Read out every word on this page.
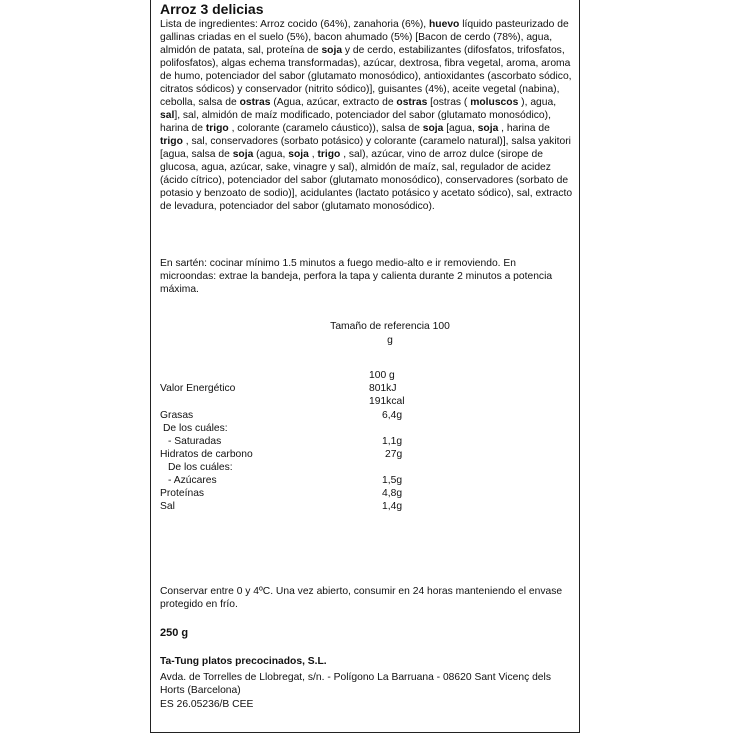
Arroz 3 delicias

Lista de ingredientes: Arroz cocido (64%), zanahoria (6%), huevo líquido pasteurizado de gallinas criadas en el suelo (5%), bacon ahumado (5%) [Bacon de cerdo (78%), agua, almidón de patata, sal, proteína de soja y de cerdo, estabilizantes (difosfatos, trifosfatos, polifosfatos), algas echema transformadas), azúcar, dextrosa, fibra vegetal, aroma, aroma de humo, potenciador del sabor (glutamato monosódico), antioxidantes (ascorbato sódico, citratos sódicos) y conservador (nitrito sódico)], guisantes (4%), aceite vegetal (nabina), cebolla, salsa de ostras (Agua, azúcar, extracto de ostras [ostras ( moluscos ), agua, sal], sal, almidón de maíz modificado, potenciador del sabor (glutamato monosódico), harina de trigo , colorante (caramelo cáustico)), salsa de soja [agua, soja , harina de trigo , sal, conservadores (sorbato potásico) y colorante (caramelo natural)], salsa yakitori [agua, salsa de soja (agua, soja , trigo , sal), azúcar, vino de arroz dulce (sirope de glucosa, agua, azúcar, sake, vinagre y sal), almidón de maíz, sal, regulador de acidez (ácido cítrico), potenciador del sabor (glutamato monosódico), conservadores (sorbato de potasio y benzoato de sodio)], acidulantes (lactato potásico y acetato sódico), sal, extracto de levadura, potenciador del sabor (glutamato monosódico).

En sartén: cocinar mínimo 1.5 minutos a fuego medio-alto e ir removiendo. En microondas: extrae la bandeja, perfora la tapa y calienta durante 2 minutos a potencia máxima.

Tamaño de referencia 100
g
100 g
Valor Energético	801kJ
191kcal
Grasas	6,4g
De los cuáles:
- Saturadas	1,1g
Hidratos de carbono	27g
De los cuáles:
- Azúcares	1,5g
Proteínas	4,8g
Sal	1,4g

Conservar entre 0 y 4ºC. Una vez abierto, consumir en 24 horas manteniendo el envase protegido en frío.

250 g
Ta-Tung platos precocinados, S.L.

Avda. de Torrelles de Llobregat, s/n. - Polígono La Barruana - 08620 Sant Vicenç dels Horts (Barcelona)

ES 26.05236/B CEE
